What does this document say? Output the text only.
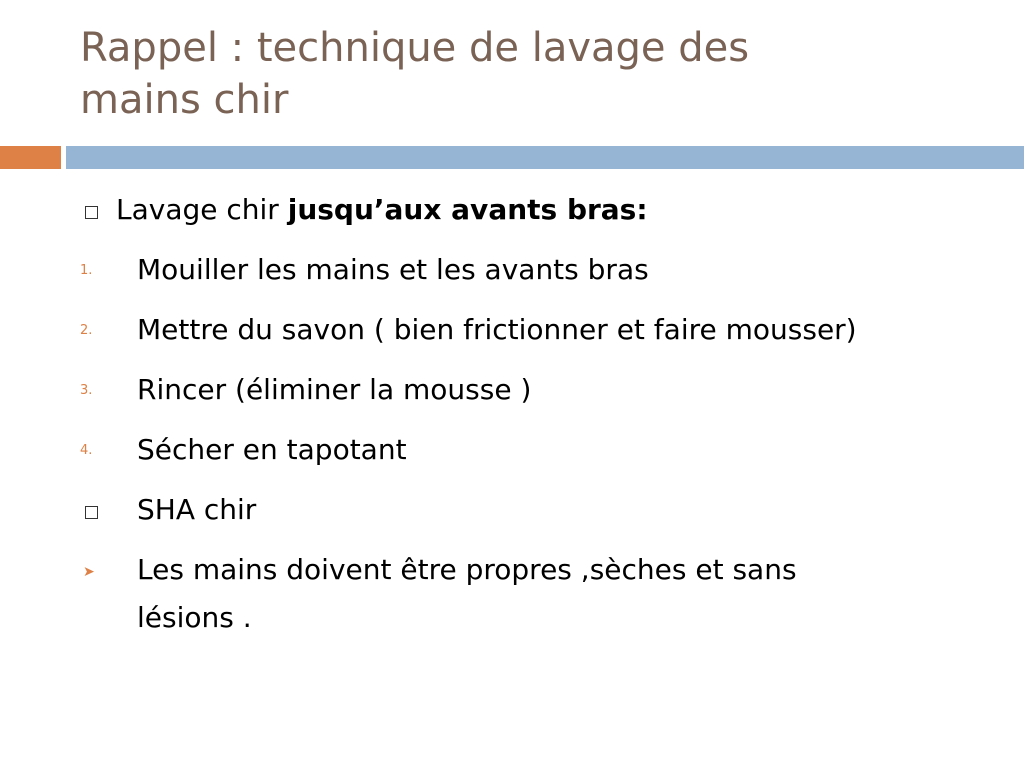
Rappel : technique de lavage des
mains chir
Lavage chir jusqu’aux avants bras:
1. Mouiller les mains et les avants bras
2. Mettre du savon ( bien frictionner et faire mousser)
3. Rincer (éliminer la mousse )
4. Sécher en tapotant
SHA chir
➤ Les mains doivent être propres ,sèches et sans
lésions .
